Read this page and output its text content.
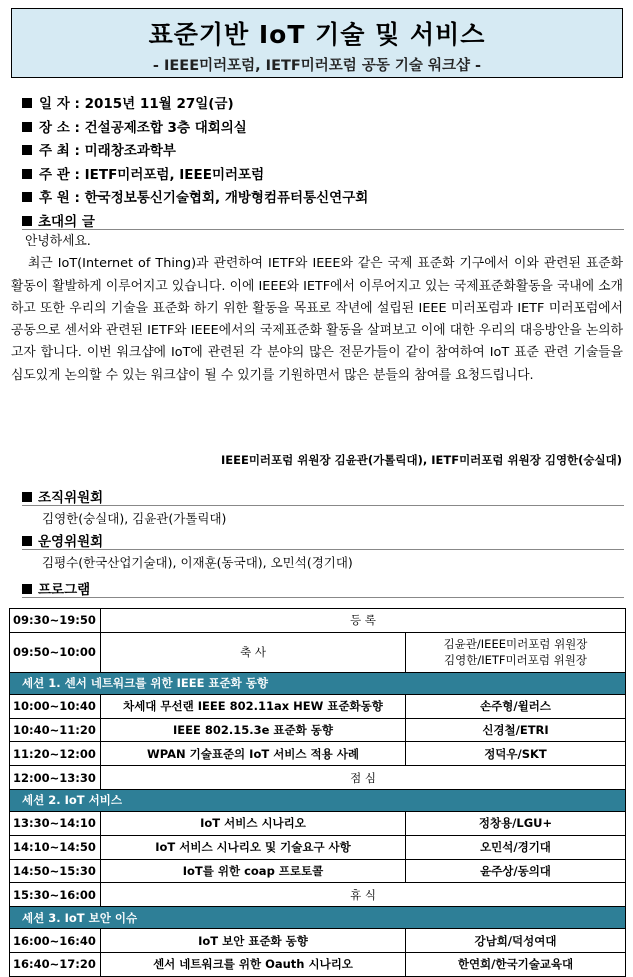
표준기반 IoT 기술 및 서비스
- IEEE미러포럼, IETF미러포럼 공동 기술 워크샵 -
일 자 : 2015년 11월 27일(금)
장 소 : 건설공제조합 3층 대회의실
주 최 : 미래창조과학부
주 관 : IETF미러포럼, IEEE미러포럼
후 원 : 한국정보통신기술협회, 개방형컴퓨터통신연구회
초대의 글

안녕하세요.

최근 IoT(Internet of Thing)과 관련하여 IETF와 IEEE와 같은 국제 표준화 기구에서 이와 관련된 표준화 활동이 활발하게 이루어지고 있습니다. 이에 IEEE와 IETF에서 이루어지고 있는 국제표준화활동을 국내에 소개하고 또한 우리의 기술을 표준화 하기 위한 활동을 목표로 작년에 설립된 IEEE 미러포럼과 IETF 미러포럼에서 공동으로 센서와 관련된 IETF와 IEEE에서의 국제표준화 활동을 살펴보고 이에 대한 우리의 대응방안을 논의하고자 합니다. 이번 워크샵에 IoT에 관련된 각 분야의 많은 전문가들이 같이 참여하여 IoT 표준 관련 기술들을 심도있게 논의할 수 있는 워크샵이 될 수 있기를 기원하면서 많은 분들의 참여를 요청드립니다.

IEEE미러포럼 위원장 김윤관(가톨릭대), IETF미러포럼 위원장 김영한(숭실대)
조직위원회
김영한(숭실대), 김윤관(가톨릭대)
운영위원회
김평수(한국산업기술대), 이재훈(동국대), 오민석(경기대)
프로그램
09:30~19:50	등 록	
09:50~10:00	축 사	김윤관/IEEE미러포럼 위원장
김영한/IETF미러포럼 위원장

세션 1. 센서 네트워크를 위한 IEEE 표준화 동향		
10:00~10:40	차세대 무선랜 IEEE 802.11ax HEW 표준화동향	손주형/윌러스
10:40~11:20	IEEE 802.15.3e 표준화 동향	신경철/ETRI
11:20~12:00	WPAN 기술표준의 IoT 서비스 적용 사례	정덕우/SKT
12:00~13:30	점 심	
세션 2. IoT 서비스		
13:30~14:10	IoT 서비스 시나리오	정창용/LGU+
14:10~14:50	IoT 서비스 시나리오 및 기술요구 사항	오민석/경기대
14:50~15:30	IoT를 위한 coap 프로토콜	윤주상/동의대
15:30~16:00	휴 식	
세션 3. IoT 보안 이슈		
16:00~16:40	IoT 보안 표준화 동향	강남희/덕성여대
16:40~17:20	센서 네트워크를 위한 Oauth 시나리오	한연희/한국기술교육대
